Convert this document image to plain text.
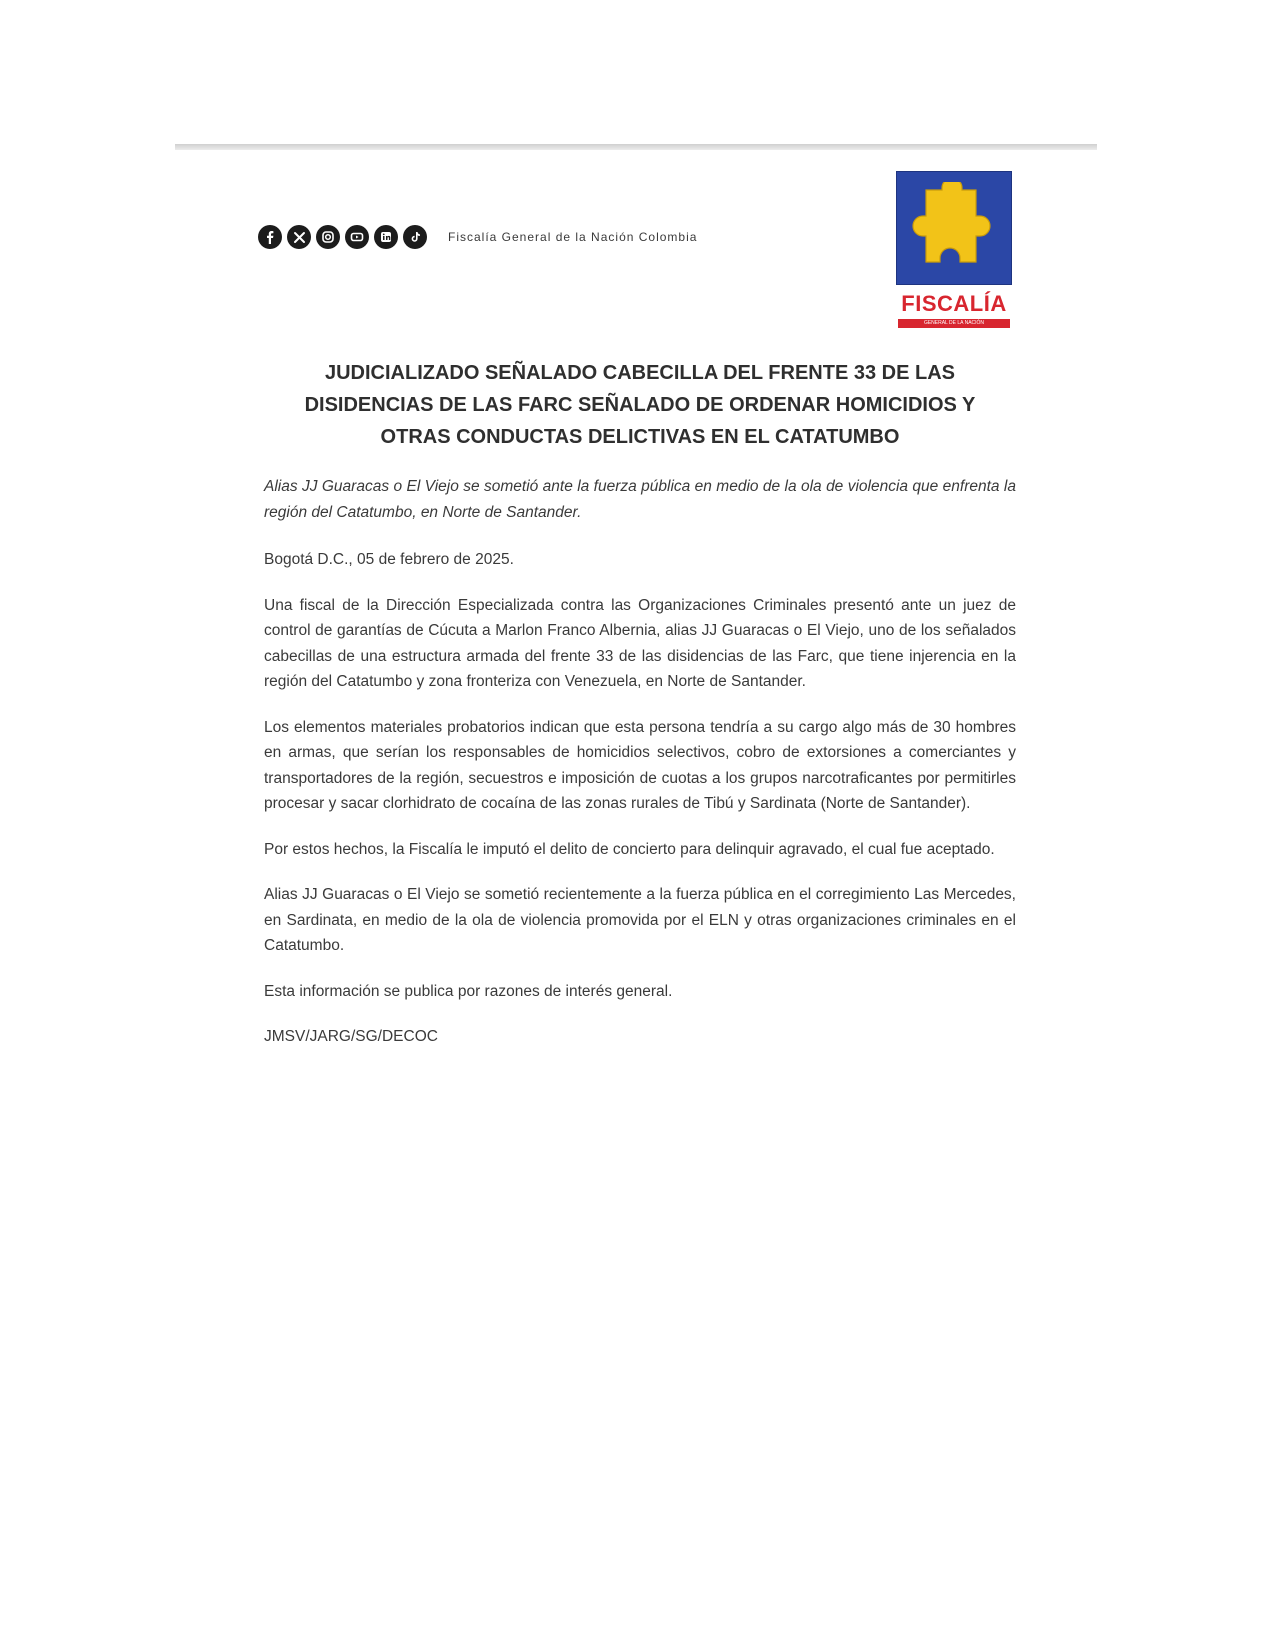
Fiscalía General de la Nación Colombia
FISCALÍA
GENERAL DE LA NACIÓN
JUDICIALIZADO SEÑALADO CABECILLA DEL FRENTE 33 DE LAS DISIDENCIAS DE LAS FARC SEÑALADO DE ORDENAR HOMICIDIOS Y OTRAS CONDUCTAS DELICTIVAS EN EL CATATUMBO

Alias JJ Guaracas o El Viejo se sometió ante la fuerza pública en medio de la ola de violencia que enfrenta la región del Catatumbo, en Norte de Santander.

Bogotá D.C., 05 de febrero de 2025.

Una fiscal de la Dirección Especializada contra las Organizaciones Criminales presentó ante un juez de control de garantías de Cúcuta a Marlon Franco Albernia, alias JJ Guaracas o El Viejo, uno de los señalados cabecillas de una estructura armada del frente 33 de las disidencias de las Farc, que tiene injerencia en la región del Catatumbo y zona fronteriza con Venezuela, en Norte de Santander.

Los elementos materiales probatorios indican que esta persona tendría a su cargo algo más de 30 hombres en armas, que serían los responsables de homicidios selectivos, cobro de extorsiones a comerciantes y transportadores de la región, secuestros e imposición de cuotas a los grupos narcotraficantes por permitirles procesar y sacar clorhidrato de cocaína de las zonas rurales de Tibú y Sardinata (Norte de Santander).

Por estos hechos, la Fiscalía le imputó el delito de concierto para delinquir agravado, el cual fue aceptado.

Alias JJ Guaracas o El Viejo se sometió recientemente a la fuerza pública en el corregimiento Las Mercedes, en Sardinata, en medio de la ola de violencia promovida por el ELN y otras organizaciones criminales en el Catatumbo.

Esta información se publica por razones de interés general.

JMSV/JARG/SG/DECOC
